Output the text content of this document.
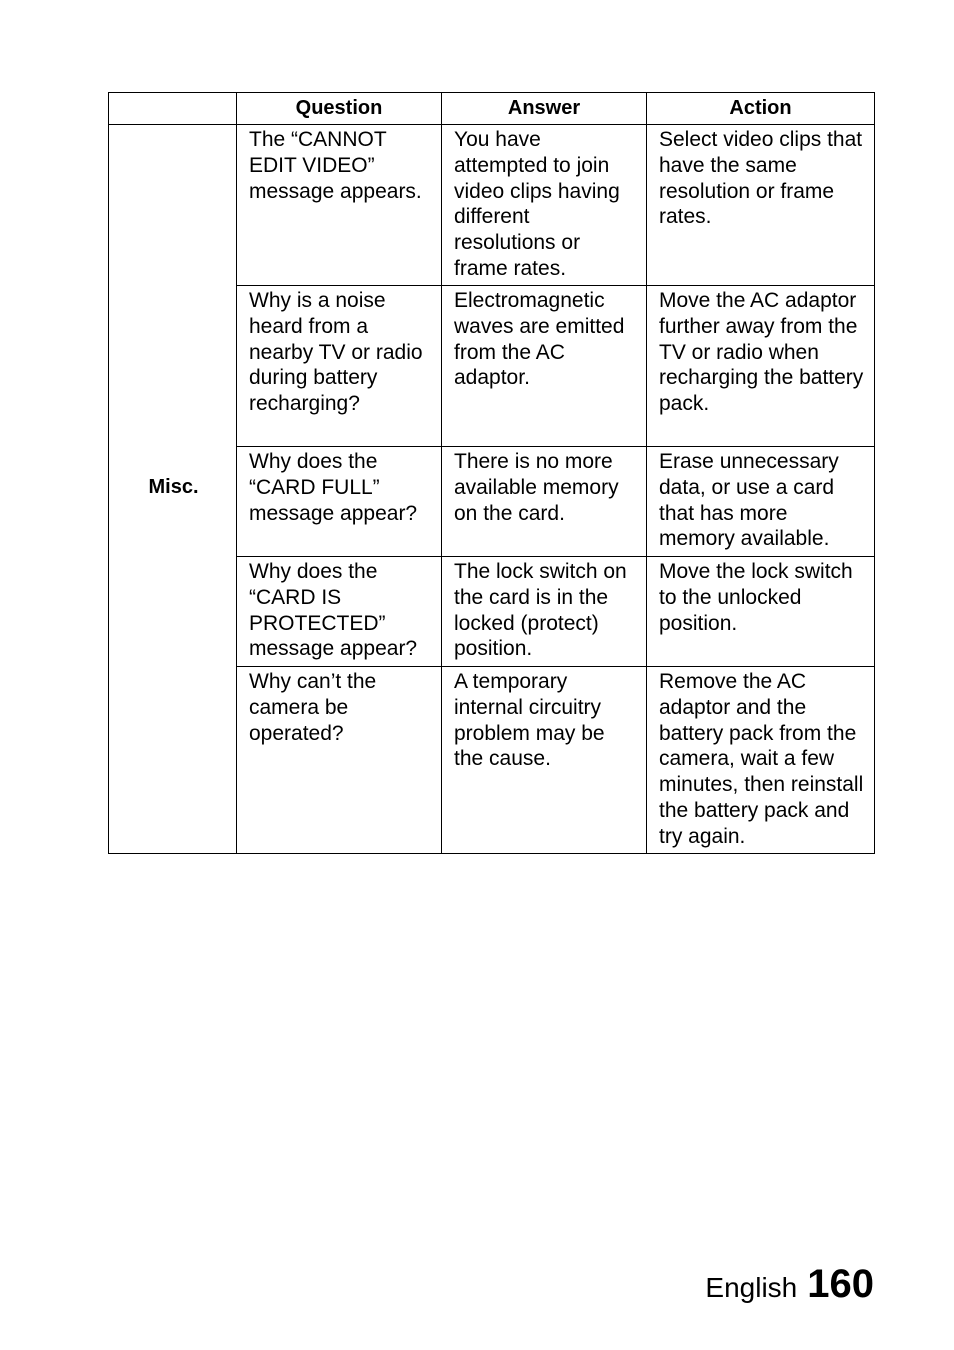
	Question	Answer	Action
Misc.	The “CANNOT EDIT VIDEO” message appears.	You have attempted to join video clips having different resolutions or frame rates.	Select video clips that have the same resolution or frame rates.
	Why is a noise heard from a nearby TV or radio during battery recharging?	Electromagnetic waves are emitted from the AC adaptor.	Move the AC adaptor further away from the TV or radio when recharging the battery pack.
	Why does the “CARD FULL” message appear?	There is no more available memory on the card.	Erase unnecessary data, or use a card that has more memory available.
	Why does the “CARD IS PROTECTED” message appear?	The lock switch on the card is in the locked (protect) position.	Move the lock switch to the unlocked position.
	Why can’t the camera be operated?	A temporary internal circuitry problem may be the cause.	Remove the AC adaptor and the battery pack from the camera, wait a few minutes, then reinstall the battery pack and try again.
English 160
